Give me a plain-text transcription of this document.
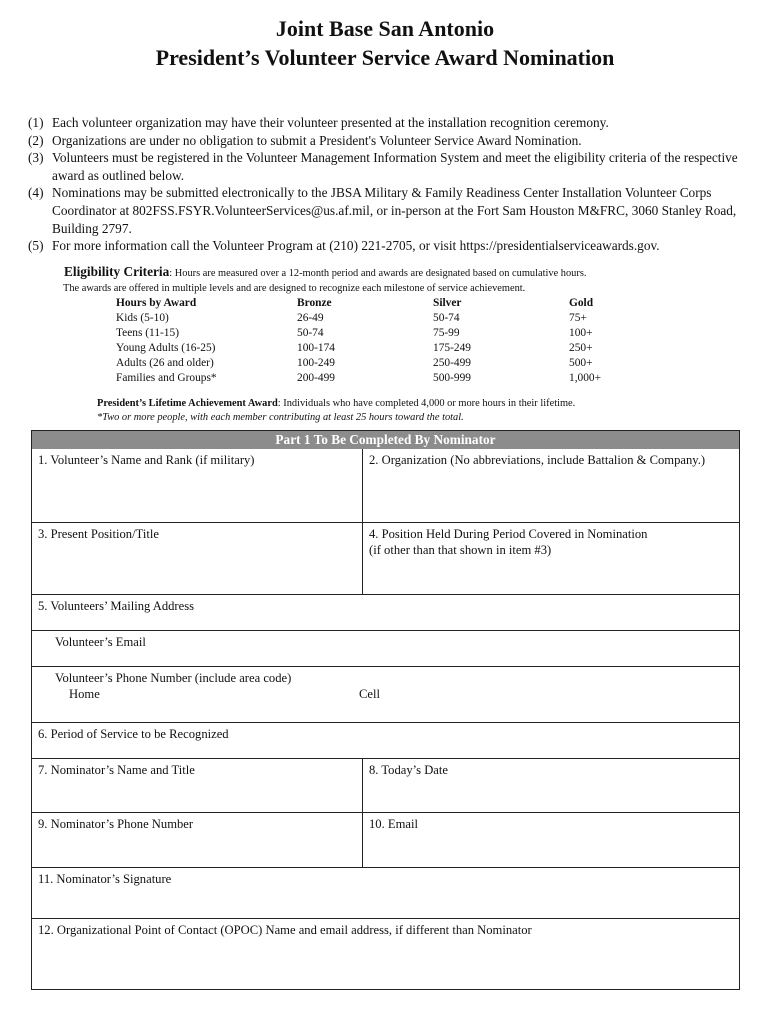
Joint Base San Antonio
President’s Volunteer Service Award Nomination
(1) Each volunteer organization may have their volunteer presented at the installation recognition ceremony.
(2) Organizations are under no obligation to submit a President's Volunteer Service Award Nomination.
(3) Volunteers must be registered in the Volunteer Management Information System and meet the eligibility criteria of the respective award as outlined below.
(4) Nominations may be submitted electronically to the JBSA Military & Family Readiness Center Installation Volunteer Corps Coordinator at 802FSS.FSYR.VolunteerServices@us.af.mil, or in-person at the Fort Sam Houston M&FRC, 3060 Stanley Road, Building 2797.
(5) For more information call the Volunteer Program at (210) 221-2705, or visit https://presidentialserviceawards.gov.
Eligibility Criteria: Hours are measured over a 12-month period and awards are designated based on cumulative hours.
The awards are offered in multiple levels and are designed to recognize each milestone of service achievement.
Hours by Award	Bronze	Silver	Gold
Kids (5-10)	26-49	50-74	75+
Teens (11-15)	50-74	75-99	100+
Young Adults (16-25)	100-174	175-249	250+
Adults (26 and older)	100-249	250-499	500+
Families and Groups*	200-499	500-999	1,000+
President’s Lifetime Achievement Award: Individuals who have completed 4,000 or more hours in their lifetime.
*Two or more people, with each member contributing at least 25 hours toward the total.
Part 1 To Be Completed By Nominator
1. Volunteer’s Name and Rank (if military)	2. Organization (No abbreviations, include Battalion & Company.)
3. Present Position/Title	4. Position Held During Period Covered in Nomination
(if other than that shown in item #3)
5. Volunteers’ Mailing Address
Volunteer’s Email
Volunteer’s Phone Number (include area code)
Home	Cell
6. Period of Service to be Recognized
7. Nominator’s Name and Title	8. Today’s Date
9. Nominator’s Phone Number	10. Email
11. Nominator’s Signature
12. Organizational Point of Contact (OPOC) Name and email address, if different than Nominator
